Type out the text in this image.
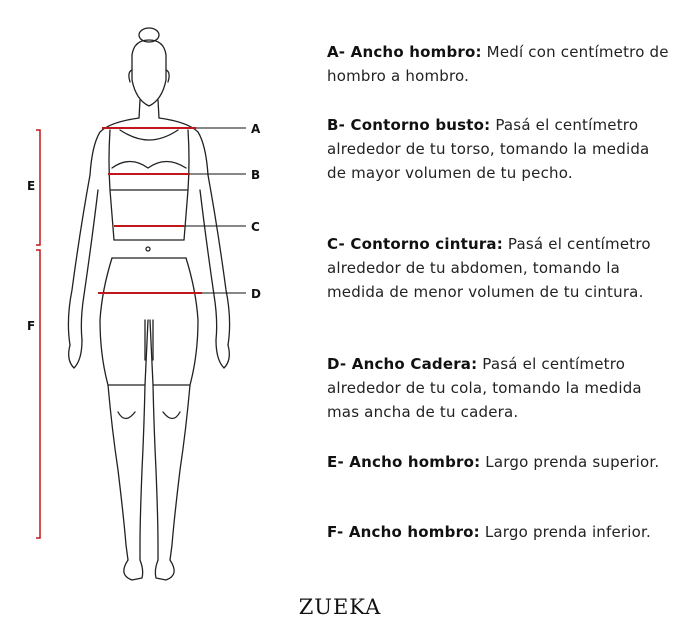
A
B
C
D
E
F
A- Ancho hombro: Medí con centímetro de hombro a hombro.
B- Contorno busto: Pasá el centímetro alrededor de tu torso, tomando la medida de mayor volumen de tu pecho.
C- Contorno cintura: Pasá el centímetro alrededor de tu abdomen, tomando la medida de menor volumen de tu cintura.
D- Ancho Cadera: Pasá el centímetro alrededor de tu cola, tomando la medida mas ancha de tu cadera.
E- Ancho hombro: Largo prenda superior.
F- Ancho hombro: Largo prenda inferior.
ZUEKA
